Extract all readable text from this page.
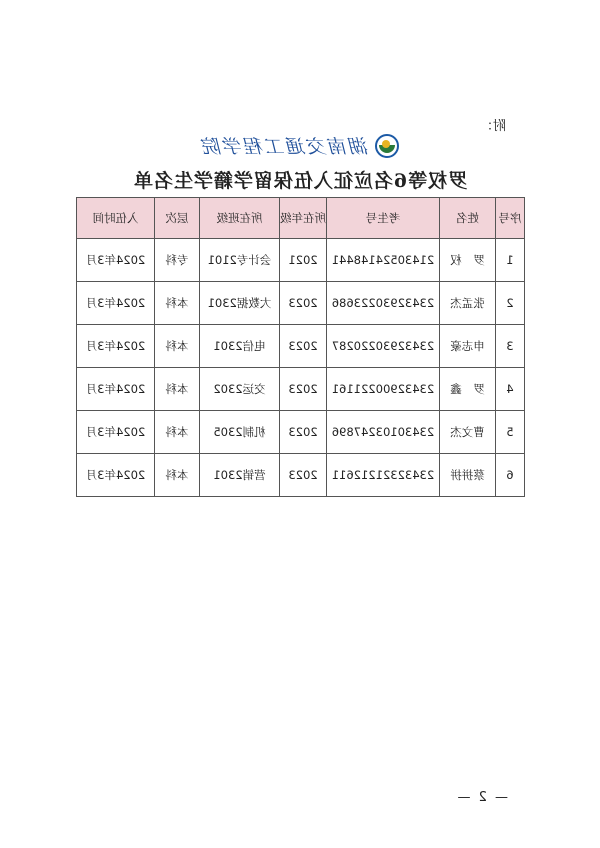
附：
湖南交通工程学院
罗权等6名应征入伍保留学籍学生名单
序号	姓名	考生号	所在年级	所在班级	层次	入伍时间
1	罗　权	21430524148441	2021	会计专2101	专科	2024年3月
2	张孟杰	23432930223686	2023	大数据2301	本科	2024年3月
3	申志豪	23432930220287	2023	电信2301	本科	2024年3月
4	罗　鑫	23432900221161	2023	交运2302	本科	2024年3月
5	曹文杰	23430103247896	2023	机制2305	本科	2024年3月
6	蔡拼拼	23432321212611	2023	营销2301	本科	2024年3月
— 2 —
